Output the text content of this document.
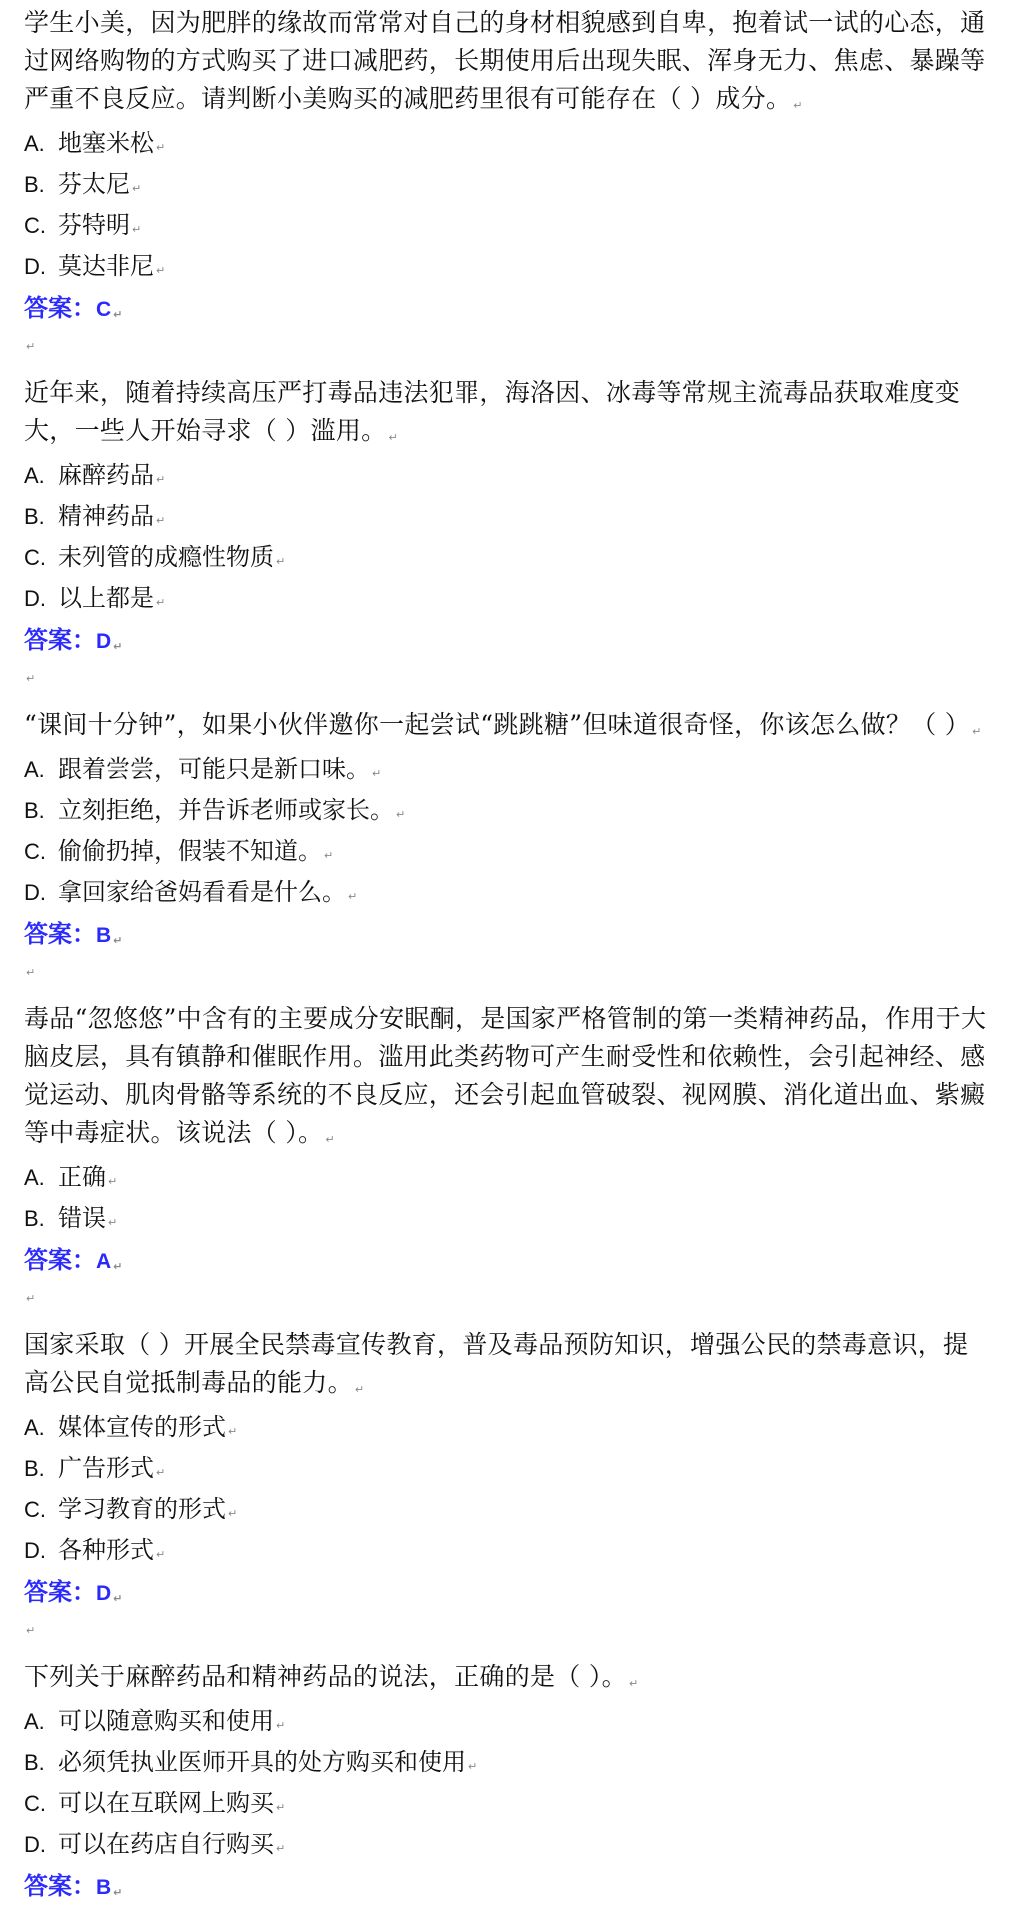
学生小美，因为肥胖的缘故而常常对自己的身材相貌感到自卑，抱着试一试的心态，通过网络购物的方式购买了进口减肥药，长期使用后出现失眠、浑身无力、焦虑、暴躁等严重不良反应。请判断小美购买的减肥药里很有可能存在（ ）成分。 ↵

A. 地塞米松 ↵
B. 芬太尼 ↵
C. 芬特明 ↵
D. 莫达非尼 ↵

答案：C ↵

↵

近年来，随着持续高压严打毒品违法犯罪，海洛因、冰毒等常规主流毒品获取难度变大，一些人开始寻求（ ）滥用。 ↵

A. 麻醉药品 ↵
B. 精神药品 ↵
C. 未列管的成瘾性物质 ↵
D. 以上都是 ↵

答案：D ↵

↵

“课间十分钟”，如果小伙伴邀你一起尝试“跳跳糖”但味道很奇怪，你该怎么做？（ ） ↵

A. 跟着尝尝，可能只是新口味。 ↵
B. 立刻拒绝，并告诉老师或家长。 ↵
C. 偷偷扔掉，假装不知道。 ↵
D. 拿回家给爸妈看看是什么。 ↵

答案：B ↵

↵

毒品“忽悠悠”中含有的主要成分安眠酮，是国家严格管制的第一类精神药品，作用于大脑皮层，具有镇静和催眠作用。滥用此类药物可产生耐受性和依赖性，会引起神经、感觉运动、肌肉骨骼等系统的不良反应，还会引起血管破裂、视网膜、消化道出血、紫癜等中毒症状。该说法（ ）。 ↵

A. 正确 ↵
B. 错误 ↵

答案：A ↵

↵

国家采取（ ）开展全民禁毒宣传教育，普及毒品预防知识，增强公民的禁毒意识，提高公民自觉抵制毒品的能力。 ↵

A. 媒体宣传的形式 ↵
B. 广告形式 ↵
C. 学习教育的形式 ↵
D. 各种形式 ↵

答案：D ↵

↵

下列关于麻醉药品和精神药品的说法，正确的是（ ）。 ↵

A. 可以随意购买和使用 ↵
B. 必须凭执业医师开具的处方购买和使用 ↵
C. 可以在互联网上购买 ↵
D. 可以在药店自行购买 ↵

答案：B ↵
